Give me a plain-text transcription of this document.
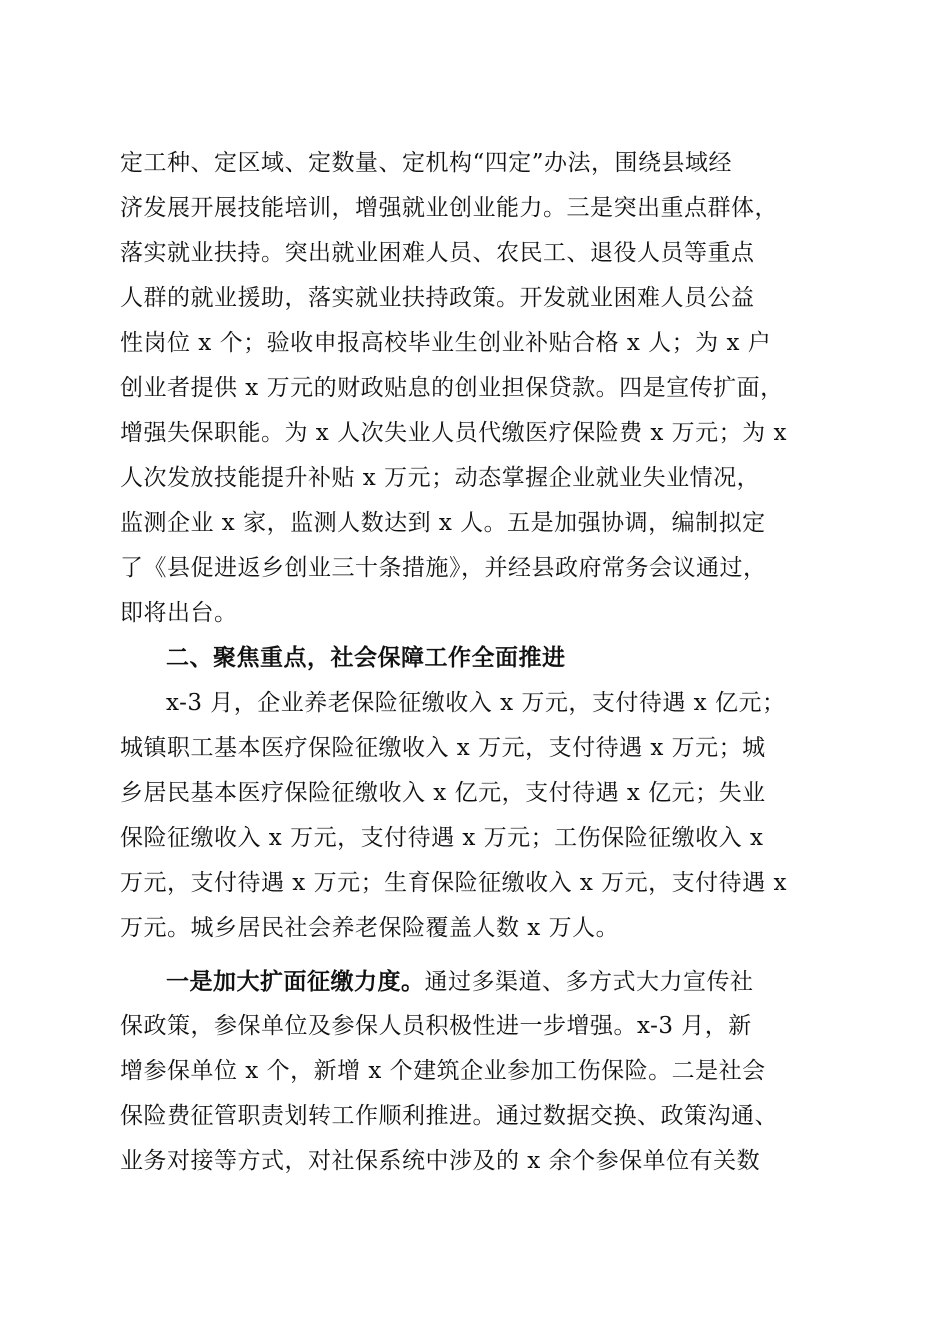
定工种、定区域、定数量、定机构“四定”办法，围绕县域经
济发展开展技能培训，增强就业创业能力。三是突出重点群体，
落实就业扶持。突出就业困难人员、农民工、退役人员等重点
人群的就业援助，落实就业扶持政策。开发就业困难人员公益
性岗位 x 个；验收申报高校毕业生创业补贴合格 x 人；为 x 户
创业者提供 x 万元的财政贴息的创业担保贷款。四是宣传扩面，
增强失保职能。为 x 人次失业人员代缴医疗保险费 x 万元；为 x
人次发放技能提升补贴 x 万元；动态掌握企业就业失业情况，
监测企业 x 家，监测人数达到 x 人。五是加强协调，编制拟定
了《县促进返乡创业三十条措施》，并经县政府常务会议通过，
即将出台。
二、聚焦重点，社会保障工作全面推进
x-3 月，企业养老保险征缴收入 x 万元，支付待遇 x 亿元；
城镇职工基本医疗保险征缴收入 x 万元，支付待遇 x 万元；城
乡居民基本医疗保险征缴收入 x 亿元，支付待遇 x 亿元；失业
保险征缴收入 x 万元，支付待遇 x 万元；工伤保险征缴收入 x
万元，支付待遇 x 万元；生育保险征缴收入 x 万元，支付待遇 x
万元。城乡居民社会养老保险覆盖人数 x 万人。
一是加大扩面征缴力度。通过多渠道、多方式大力宣传社
保政策，参保单位及参保人员积极性进一步增强。x-3 月，新
增参保单位 x 个，新增 x 个建筑企业参加工伤保险。二是社会
保险费征管职责划转工作顺利推进。通过数据交换、政策沟通、
业务对接等方式，对社保系统中涉及的 x 余个参保单位有关数
